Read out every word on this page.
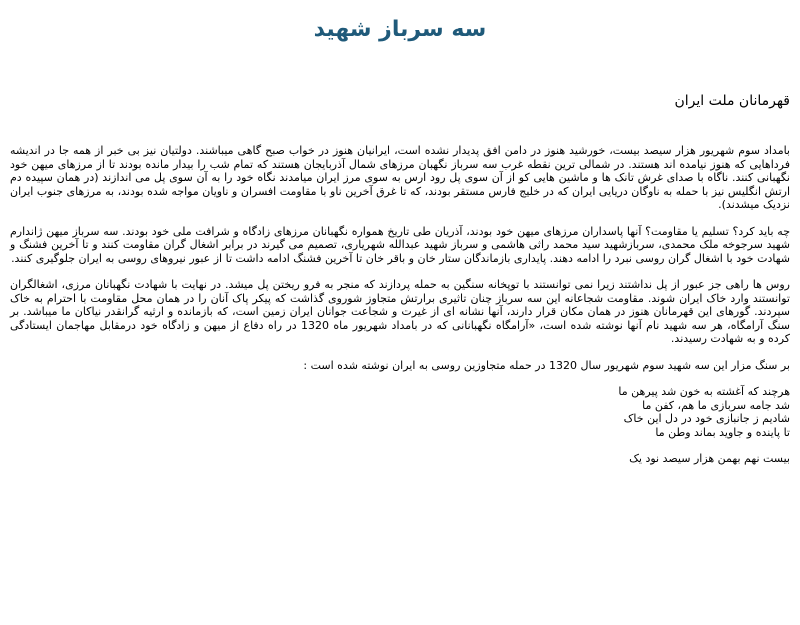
سه سرباز شهید
قهرمانان ملت ایران

بامداد سوم شهریور هزار سیصد بیست، خورشید هنوز در دامن افق پدیدار نشده است، ایرانیان هنوز در خواب صبح گاهی میباشند. دولتیان نیز بی خبر از همه جا در اندیشه فرداهایی که هنوز نیامده اند هستند. در شمالی ترین نقطه غرب سه سرباز نگهبان مرزهای شمال آذربایجان هستند که تمام شب را بیدار مانده بودند تا از مرزهای میهن خود نگهبانی کنند. ناگاه با صدای غرش تانک ها و ماشین هایی کو از آن سوی پل رود ارس به سوی مرز ایران میامدند نگاه خود را به آن سوی پل می اندازند (در همان سپیده دم ارتش انگلیس نیز با حمله به ناوگان دریایی ایران که در خلیج فارس مستقر بودند، که تا غرق آخرین ناو با مقاومت افسران و ناویان مواجه شده بودند، به مرزهای جنوب ایران نزدیک میشدند).

چه باید کرد؟ تسلیم یا مقاومت؟ آنها پاسداران مرزهای میهن خود بودند، آذریان طی تاریخ همواره نگهبانان مرزهای زادگاه و شرافت ملی خود بودند. سه سرباز میهن ژاندارم شهید سرجوخه ملک محمدی، سربازشهید سید محمد راثی هاشمی و سرباز شهید عبدالله شهریاری، تصمیم می گیرند در برابر اشغال گران مقاومت کنند و تا آخرین فشنگ و شهادت خود با اشغال گران روسی نبرد را ادامه دهند. پایداری بازماندگان ستار خان و باقر خان تا آخرین فشنگ ادامه داشت تا از عبور نیروهای روسی به ایران جلوگیری کنند.

روس ها راهی جز عبور از پل نداشتند زیرا نمی توانستند با توپخانه سنگین به حمله پردازند که منجر به فرو ریختن پل میشد. در نهایت با شهادت نگهبانان مرزی، اشغالگران توانستند وارد خاک ایران شوند. مقاومت شجاعانه این سه سرباز چنان تاثیری برارتش متجاوز شوروی گذاشت که پیکر پاک آنان را در همان محل مقاومت با احترام به خاک سپردند. گورهای این قهرمانان هنوز در همان مکان قرار دارند، آنها نشانه ای از غیرت و شجاعت جوانان ایران زمین است، که بازمانده و ارثیه گرانقدر نیاکان ما میباشد. بر سنگ آرامگاه، هر سه شهید نام آنها نوشته شده است، «آرامگاه نگهبانانی که در بامداد شهریور ماه 1320 در راه دفاع از میهن و زادگاه خود درمقابل مهاجمان ایستادگی کرده و به شهادت رسیدند.

بر سنگ مزار این سه شهید سوم شهریور سال 1320 در حمله متجاوزین روسی به ایران نوشته شده است :

هرچند که آغشته به خون شد پیرهن ما
شد جامه سربازی ما هم، کفن ما
شادیم ز جانبازی خود در دل این خاک
تا پاینده و جاوید بماند وطن ما
بیست نهم بهمن هزار سیصد نود یک
